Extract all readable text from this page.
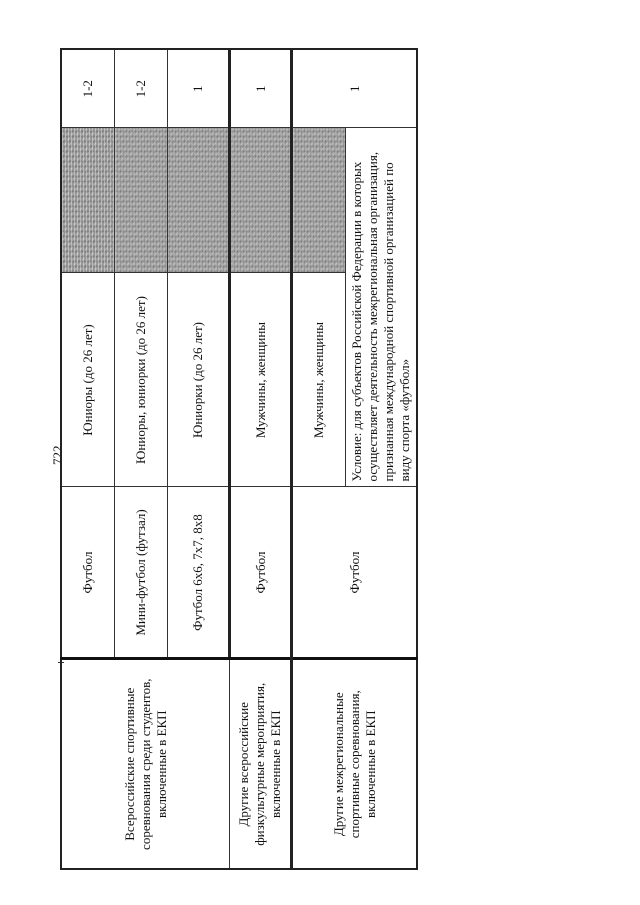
722
Всероссийские спортивные соревнования среди студентов, включенные в ЕКП	Футбол	Юниоры (до 26 лет)		1-2
	Мини-футбол (футзал)	Юниоры, юниорки (до 26 лет)		1-2
	Футбол 6х6, 7х7, 8х8	Юниорки (до 26 лет)		1
Другие всероссийские физкультурные мероприятия, включенные в ЕКП	Футбол	Мужчины, женщины		1
Другие межрегиональные спортивные соревнования, включенные в ЕКП	Футбол	Мужчины, женщины		1
		Условие: для субъектов Российской Федерации в которых осуществляет деятельность межрегиональная организация, признанная международной спортивной организацией по виду спорта «футбол»		
